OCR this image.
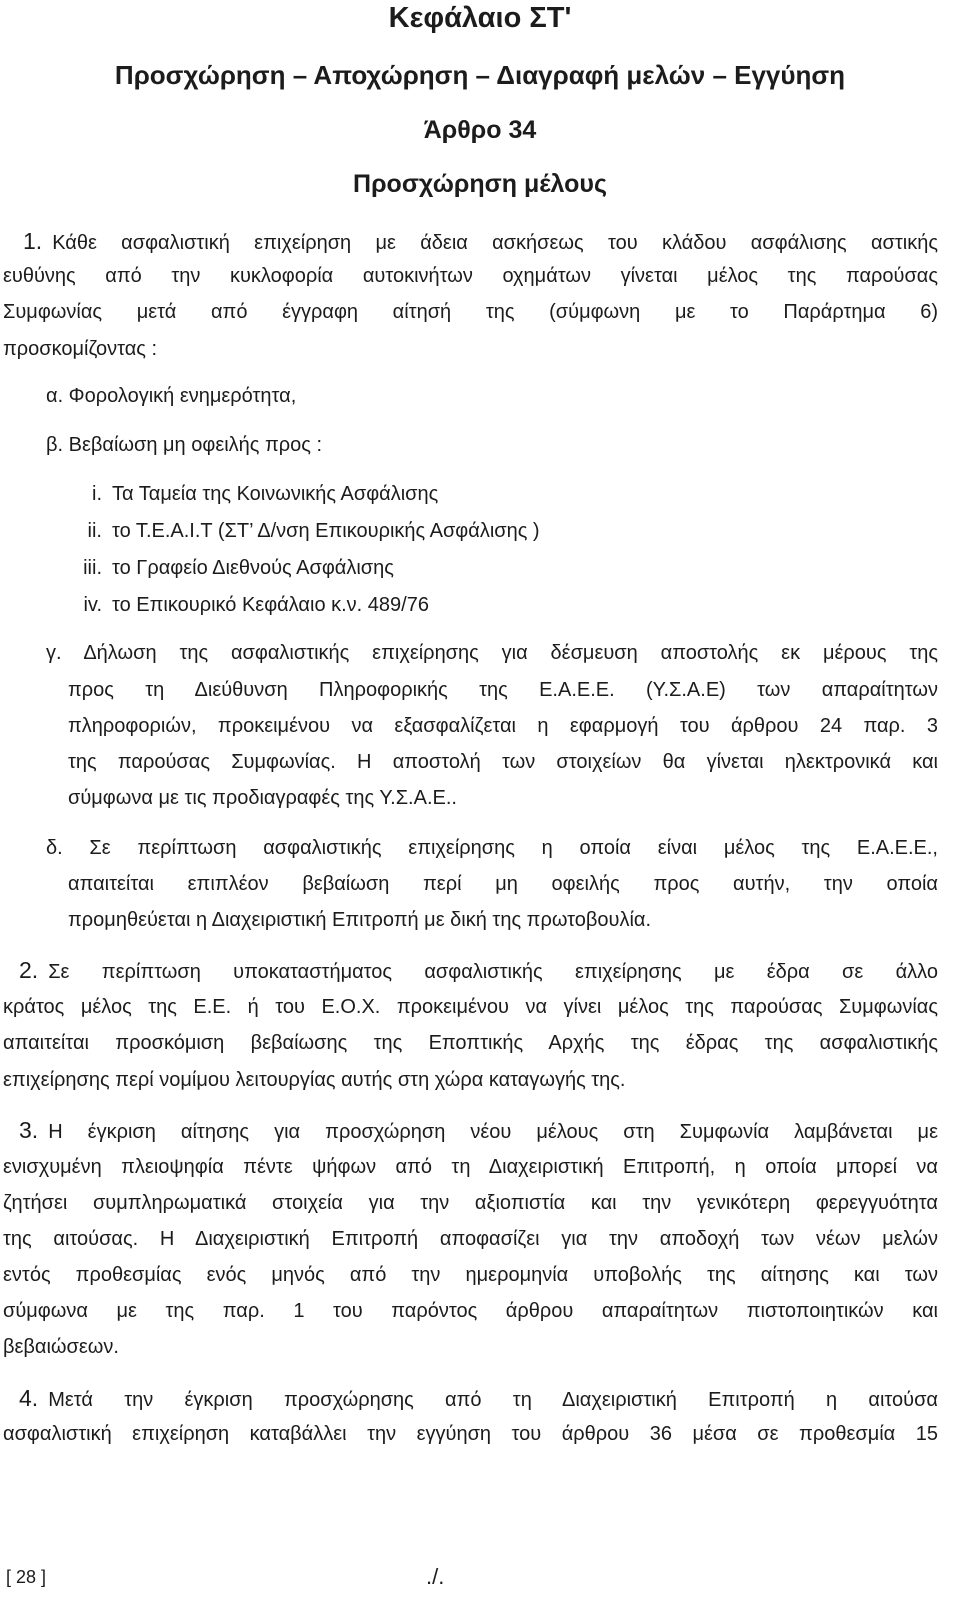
Κεφάλαιο ΣΤ'
Προσχώρηση – Αποχώρηση – Διαγραφή μελών – Εγγύηση
Άρθρο 34
Προσχώρηση μέλους
1. Κάθε ασφαλιστική επιχείρηση με άδεια ασκήσεως του κλάδου ασφάλισης αστικής
ευθύνης από την κυκλοφορία αυτοκινήτων οχημάτων γίνεται μέλος της παρούσας
Συμφωνίας μετά από έγγραφη αίτησή της (σύμφωνη με το Παράρτημα 6)
προσκομίζοντας :
α. Φορολογική ενημερότητα,
β. Βεβαίωση μη οφειλής προς :
i. Τα Ταμεία της Κοινωνικής Ασφάλισης
ii. το Τ.Ε.Α.Ι.Τ (ΣΤ’ Δ/νση Επικουρικής Ασφάλισης )
iii. το Γραφείο Διεθνούς Ασφάλισης
iv. το Επικουρικό Κεφάλαιο κ.ν. 489/76
γ. Δήλωση της ασφαλιστικής επιχείρησης για δέσμευση αποστολής εκ μέρους της
προς τη Διεύθυνση Πληροφορικής της Ε.Α.Ε.Ε. (Υ.Σ.Α.Ε) των απαραίτητων
πληροφοριών, προκειμένου να εξασφαλίζεται η εφαρμογή του άρθρου 24 παρ. 3
της παρούσας Συμφωνίας. Η αποστολή των στοιχείων θα γίνεται ηλεκτρονικά και
σύμφωνα με τις προδιαγραφές της Υ.Σ.Α.Ε..
δ. Σε περίπτωση ασφαλιστικής επιχείρησης η οποία είναι μέλος της Ε.Α.Ε.Ε.,
απαιτείται επιπλέον βεβαίωση περί μη οφειλής προς αυτήν, την οποία
προμηθεύεται η Διαχειριστική Επιτροπή με δική της πρωτοβουλία.
2. Σε περίπτωση υποκαταστήματος ασφαλιστικής επιχείρησης με έδρα σε άλλο
κράτος μέλος της Ε.Ε. ή του Ε.Ο.Χ. προκειμένου να γίνει μέλος της παρούσας Συμφωνίας
απαιτείται προσκόμιση βεβαίωσης της Εποπτικής Αρχής της έδρας της ασφαλιστικής
επιχείρησης περί νομίμου λειτουργίας αυτής στη χώρα καταγωγής της.
3. Η έγκριση αίτησης για προσχώρηση νέου μέλους στη Συμφωνία λαμβάνεται με
ενισχυμένη πλειοψηφία πέντε ψήφων από τη Διαχειριστική Επιτροπή, η οποία μπορεί να
ζητήσει συμπληρωματικά στοιχεία για την αξιοπιστία και την γενικότερη φερεγγυότητα
της αιτούσας. Η Διαχειριστική Επιτροπή αποφασίζει για την αποδοχή των νέων μελών
εντός προθεσμίας ενός μηνός από την ημερομηνία υποβολής της αίτησης και των
σύμφωνα με της παρ. 1 του παρόντος άρθρου απαραίτητων πιστοποιητικών και
βεβαιώσεων.
4. Μετά την έγκριση προσχώρησης από τη Διαχειριστική Επιτροπή η αιτούσα
ασφαλιστική επιχείρηση καταβάλλει την εγγύηση του άρθρου 36 μέσα σε προθεσμία 15
[ 28 ]	./.
